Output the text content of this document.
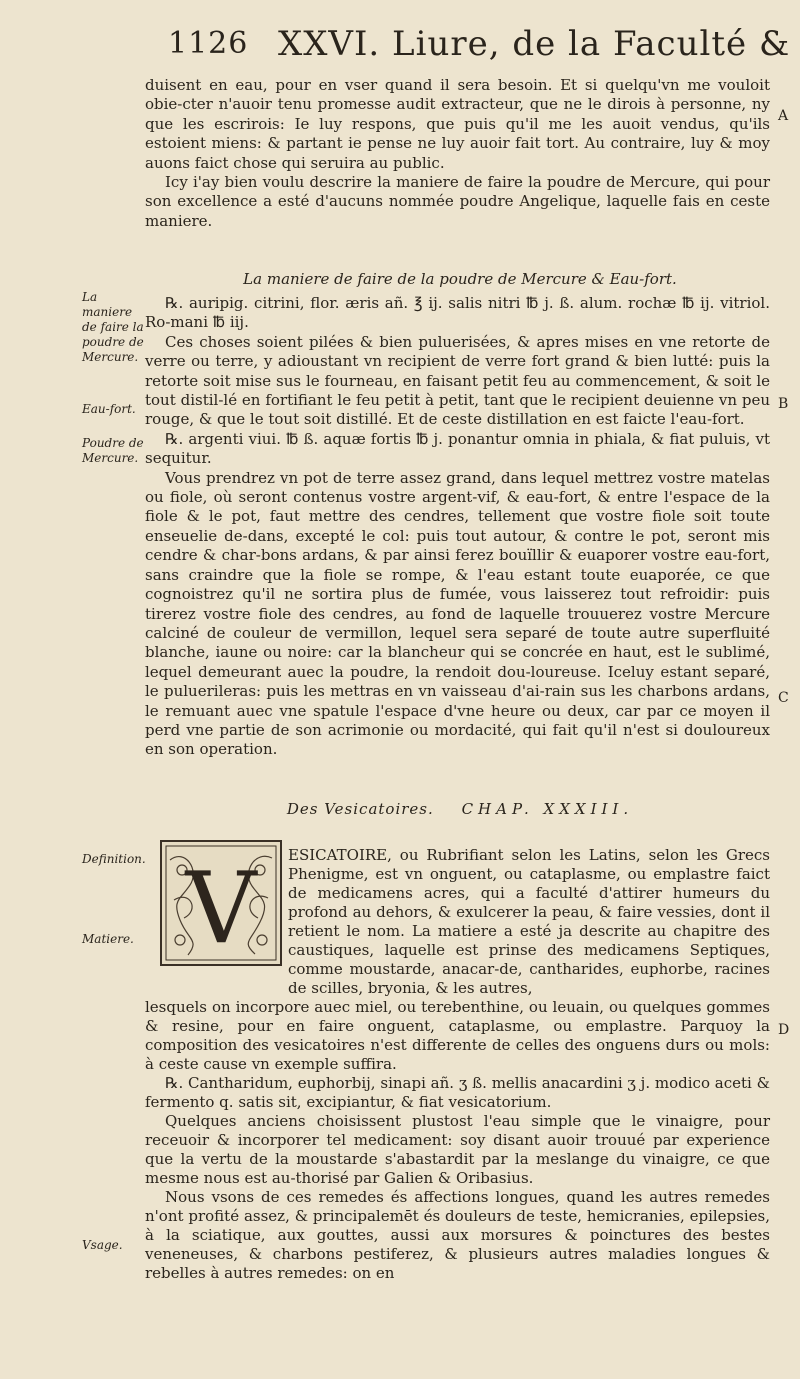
1126 XXVI. Liure, de la Faculté &

duisent en eau, pour en vser quand il sera besoin. Et si quelqu'vn me vouloit obie-ⅽter n'auoir tenu promesse audit extraⅽteur, que ne le dirois à personne, ny que les escrirois: Ie luy respons, que puis qu'il me les auoit vendus, qu'ils estoient miens: & partant ie pense ne luy auoir fait tort. Au contraire, luy & moy auons faiⅽt chose qui seruira au public.

Icy i'ay bien voulu descrire la maniere de faire la poudre de Mercure, qui pour son excellence a esté d'aucuns nommée poudre Angelique, laquelle fais en ceste maniere.

La maniere de faire de la poudre de Mercure & Eau-fort.

℞. auripig. citrini, flor. æris añ. ℥ ij. salis nitri ℔ j. ß. alum. rochæ ℔ ij. vitriol. Ro-mani ℔ iij.

Ces choses soient pilées & bien puluerisées, & apres mises en vne retorte de verre ou terre, y adioustant vn recipient de verre fort grand & bien lutté: puis la retorte soit mise sus le fourneau, en faisant petit feu au commencement, & soit le tout distil-lé en fortifiant le feu petit à petit, tant que le recipient deuienne vn peu rouge, & que le tout soit distillé. Et de ceste distillation en est faiⅽte l'eau-fort.

℞. argenti viui. ℔ ß. aquæ fortis ℔ j. ponantur omnia in phiala, & fiat puluis, vt sequitur.

Vous prendrez vn pot de terre assez grand, dans lequel mettrez vostre matelas ou fiole, où seront contenus vostre argent-vif, & eau-fort, & entre l'espace de la fiole & le pot, faut mettre des cendres, tellement que vostre fiole soit toute enseuelie de-dans, excepté le col: puis tout autour, & contre le pot, seront mis cendre & char-bons ardans, & par ainsi ferez bouïllir & euaporer vostre eau-fort, sans craindre que la fiole se rompe, & l'eau estant toute euaporée, ce que cognoistrez qu'il ne sortira plus de fumée, vous laisserez tout refroidir: puis tirerez vostre fiole des cendres, au fond de laquelle trouuerez vostre Mercure calciné de couleur de vermillon, lequel sera separé de toute autre superfluité blanche, iaune ou noire: car la blancheur qui se concrée en haut, est le sublimé, lequel demeurant auec la poudre, la rendoit dou-loureuse. Iceluy estant separé, le puluerileras: puis les mettras en vn vaisseau d'ai-rain sus les charbons ardans, le remuant auec vne spatule l'espace d'vne heure ou deux, car par ce moyen il perd vne partie de son acrimonie ou mordacité, qui fait qu'il n'est si douloureux en son operation.

La maniere de faire la poudre de Mercure.
Eau-fort.
Poudre de Mercure.
Definition.
Matiere.
Vsage.
A
B
C
D
Des Vesicatoires. CHAP. XXXIII.
V ESICATOIRE, ou Rubrifiant selon les Latins, selon les Grecs Phenigme, est vn onguent, ou cataplasme, ou emplastre faiⅽt de medicamens acres, qui a faculté d'attirer humeurs du profond au dehors, & exulcerer la peau, & faire vessies, dont il retient le nom. La matiere a esté ja descrite au chapitre des caustiques, laquelle est prinse des medicamens Septiques, comme moustarde, anacar-de, cantharides, euphorbe, racines de scilles, bryonia, & les autres,

lesquels on incorpore auec miel, ou terebenthine, ou leuain, ou quelques gommes & resine, pour en faire onguent, cataplasme, ou emplastre. Parquoy la composition des vesicatoires n'est differente de celles des onguens durs ou mols: à ceste cause vn exemple suffira.

℞. Cantharidum, euphorbij, sinapi añ. ʒ ß. mellis anacardini ʒ j. modico aceti & fermento q. satis sit, excipiantur, & fiat vesicatorium.

Quelques anciens choisissent plustost l'eau simple que le vinaigre, pour receuoir & incorporer tel medicament: soy disant auoir trouué par experience que la vertu de la moustarde s'abastardit par la meslange du vinaigre, ce que mesme nous est au-thorisé par Galien & Oribasius.

Nous vsons de ces remedes és affeⅽtions longues, quand les autres remedes n'ont profité assez, & principalemēt és douleurs de teste, hemicranies, epilepsies, à la sciatique, aux gouttes, aussi aux morsures & poinⅽtures des bestes veneneuses, & charbons pestiferez, & plusieurs autres maladies longues & rebelles à autres remedes: on en
